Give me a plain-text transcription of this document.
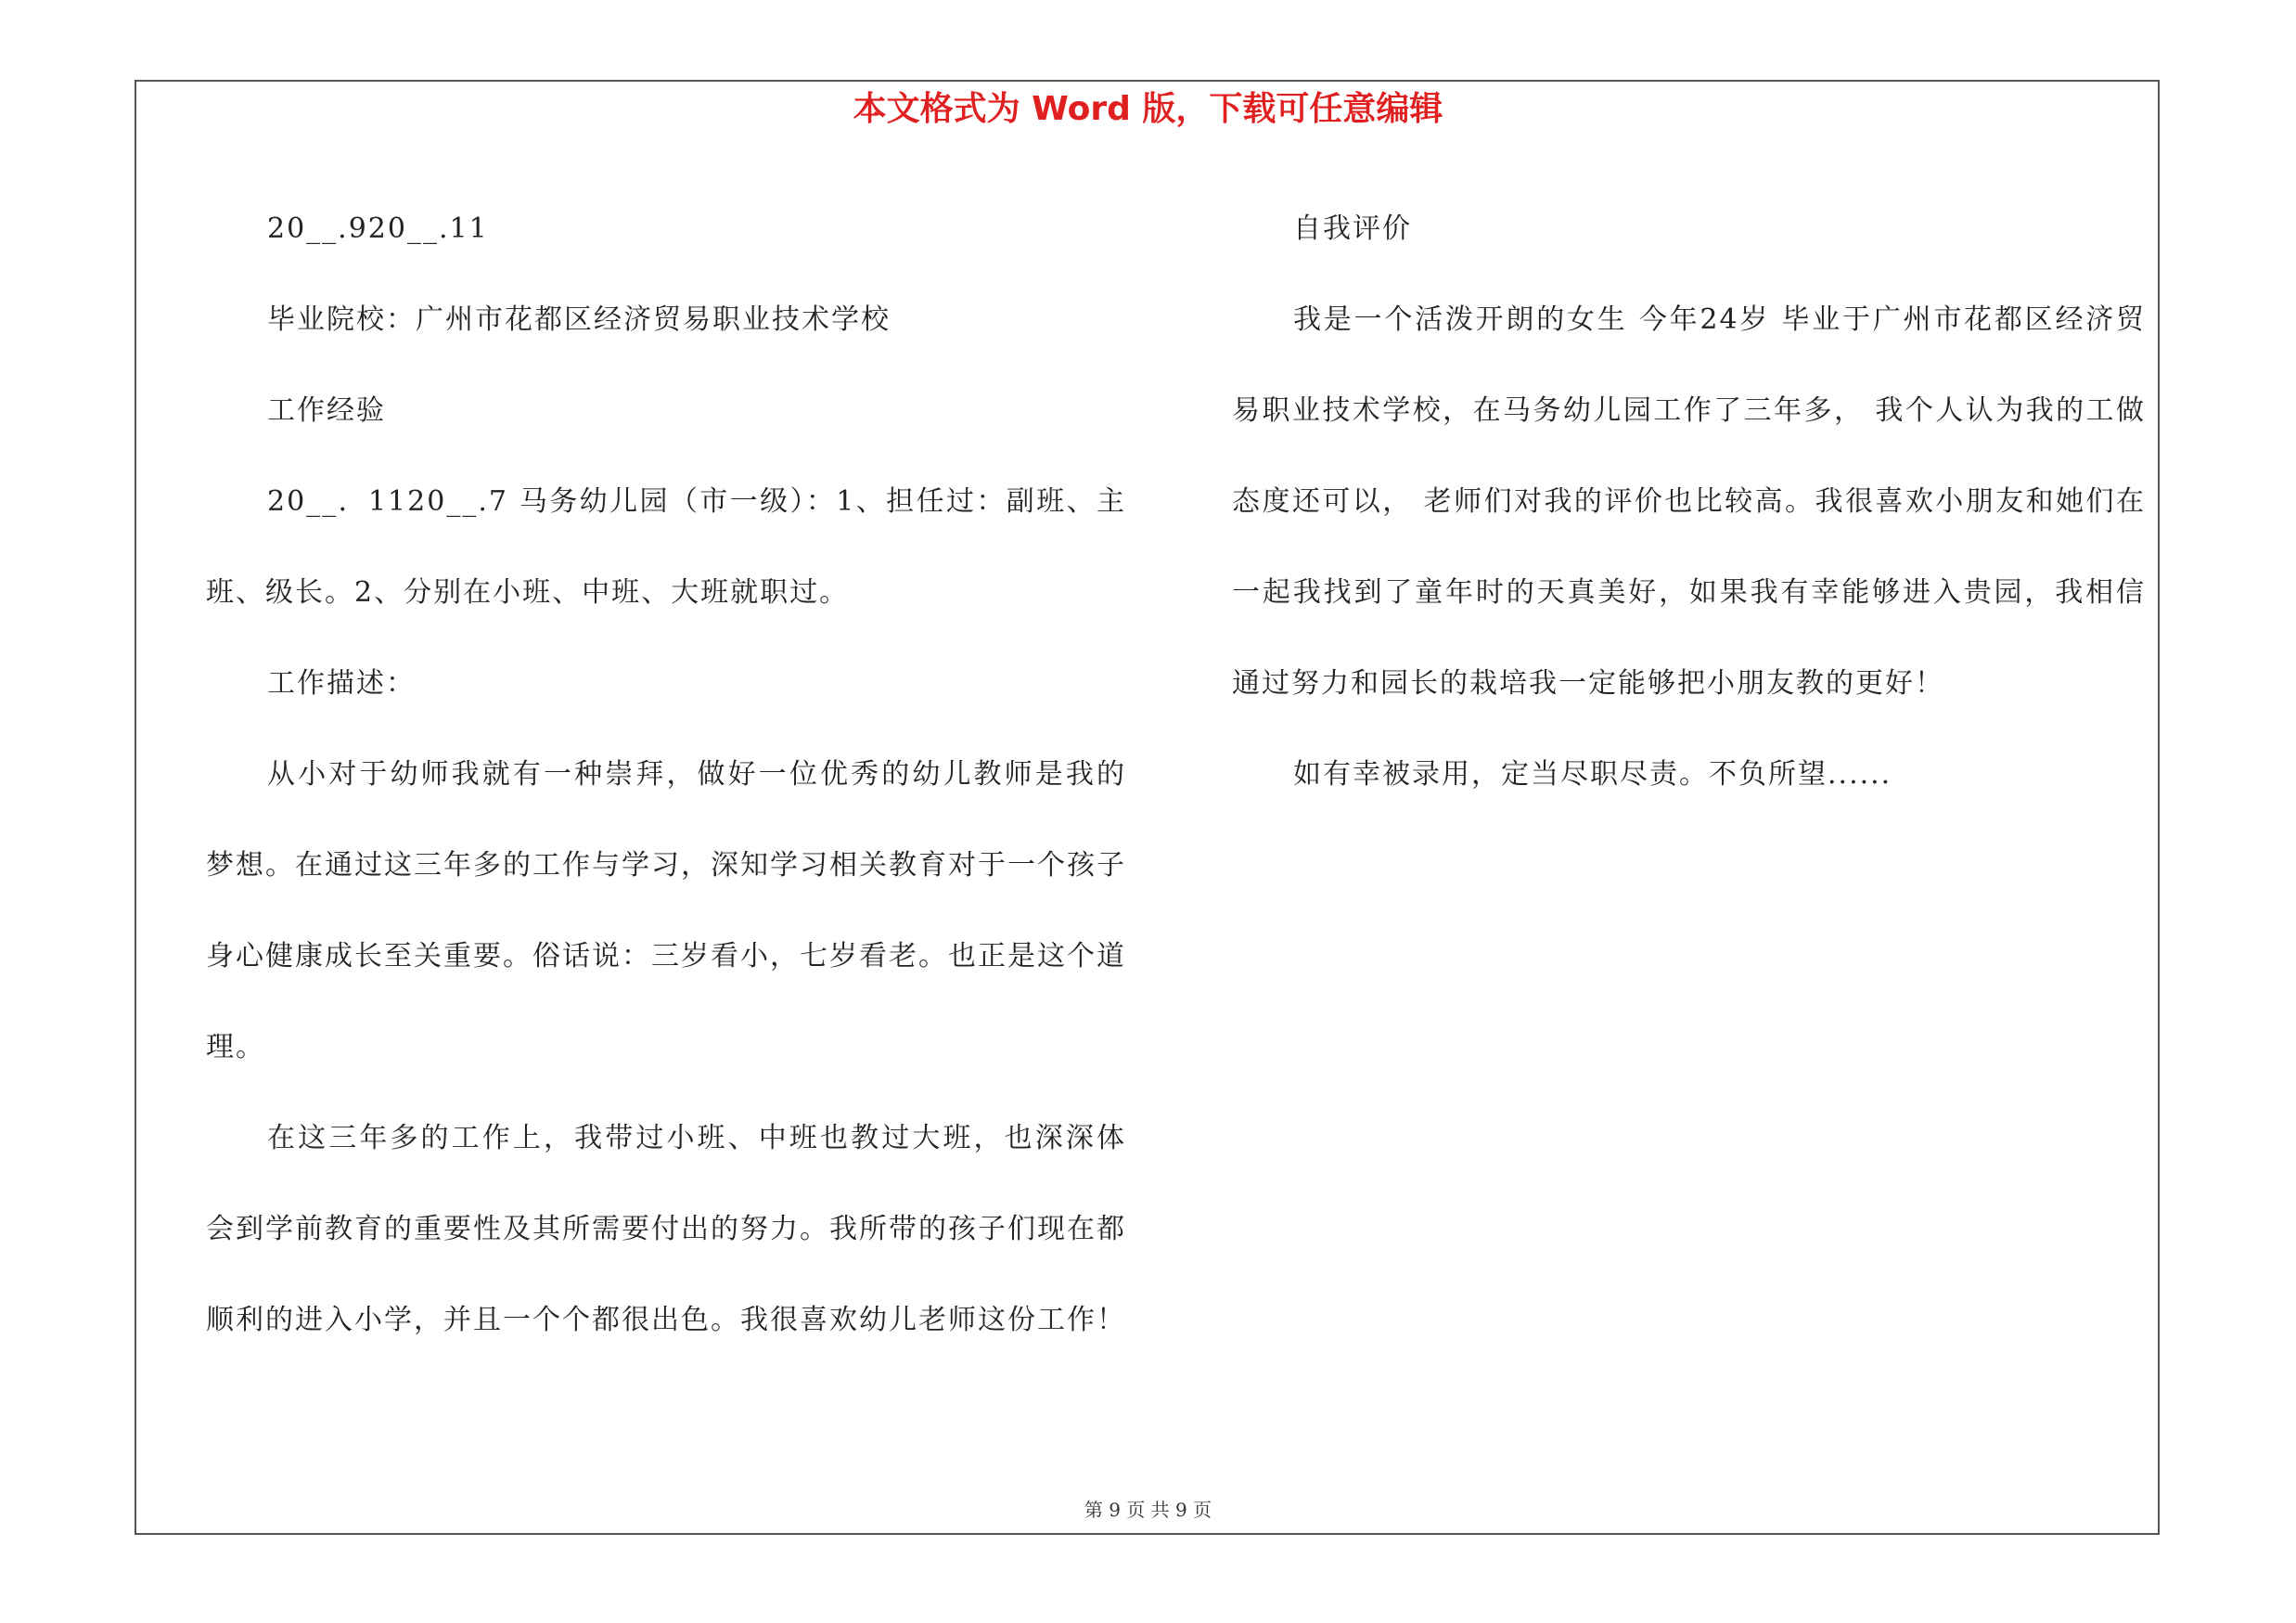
本文格式为 Word 版，下载可任意编辑

20__.920__.11

毕业院校：广州市花都区经济贸易职业技术学校

工作经验

20__．1120__.7 马务幼儿园（市一级）：1、担任过：副班、主班、级长。2、分别在小班、中班、大班就职过。

工作描述：

从小对于幼师我就有一种崇拜，做好一位优秀的幼儿教师是我的梦想。在通过这三年多的工作与学习，深知学习相关教育对于一个孩子身心健康成长至关重要。俗话说：三岁看小，七岁看老。也正是这个道理。

在这三年多的工作上，我带过小班、中班也教过大班，也深深体会到学前教育的重要性及其所需要付出的努力。我所带的孩子们现在都顺利的进入小学，并且一个个都很出色。我很喜欢幼儿老师这份工作！

自我评价

我是一个活泼开朗的女生 今年24岁 毕业于广州市花都区经济贸易职业技术学校，在马务幼儿园工作了三年多， 我个人认为我的工做态度还可以， 老师们对我的评价也比较高。我很喜欢小朋友和她们在一起我找到了童年时的天真美好，如果我有幸能够进入贵园，我相信通过努力和园长的栽培我一定能够把小朋友教的更好！

如有幸被录用，定当尽职尽责。不负所望......

第 9 页 共 9 页
